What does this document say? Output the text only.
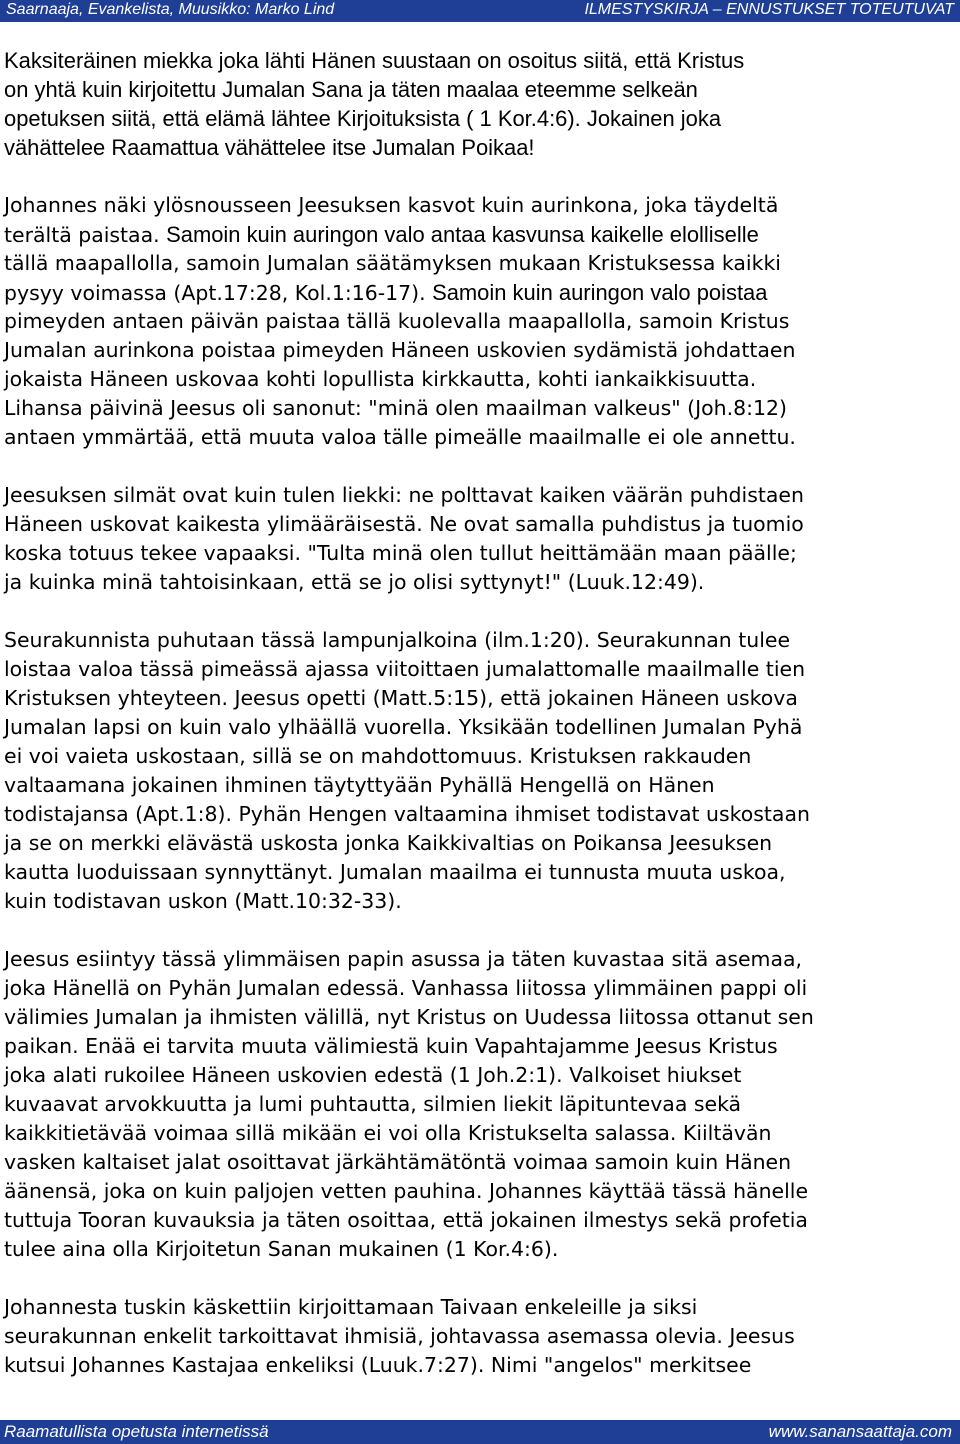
Saarnaaja, Evankelista, Muusikko: Marko Lind	ILMESTYSKIRJA – ENNUSTUKSET TOTEUTUVAT
Kaksiteräinen miekka joka lähti Hänen suustaan on osoitus siitä, että Kristus
on yhtä kuin kirjoitettu Jumalan Sana ja täten maalaa eteemme selkeän
opetuksen siitä, että elämä lähtee Kirjoituksista ( 1 Kor.4:6). Jokainen joka
vähättelee Raamattua vähättelee itse Jumalan Poikaa!
Johannes näki ylösnousseen Jeesuksen kasvot kuin aurinkona, joka täydeltä
terältä paistaa. Samoin kuin auringon valo antaa kasvunsa kaikelle elolliselle
tällä maapallolla, samoin Jumalan säätämyksen mukaan Kristuksessa kaikki
pysyy voimassa (Apt.17:28, Kol.1:16-17). Samoin kuin auringon valo poistaa
pimeyden antaen päivän paistaa tällä kuolevalla maapallolla, samoin Kristus
Jumalan aurinkona poistaa pimeyden Häneen uskovien sydämistä johdattaen
jokaista Häneen uskovaa kohti lopullista kirkkautta, kohti iankaikkisuutta.
Lihansa päivinä Jeesus oli sanonut: "minä olen maailman valkeus" (Joh.8:12)
antaen ymmärtää, että muuta valoa tälle pimeälle maailmalle ei ole annettu.
Jeesuksen silmät ovat kuin tulen liekki: ne polttavat kaiken väärän puhdistaen
Häneen uskovat kaikesta ylimääräisestä. Ne ovat samalla puhdistus ja tuomio
koska totuus tekee vapaaksi. "Tulta minä olen tullut heittämään maan päälle;
ja kuinka minä tahtoisinkaan, että se jo olisi syttynyt!" (Luuk.12:49).
Seurakunnista puhutaan tässä lampunjalkoina (ilm.1:20). Seurakunnan tulee
loistaa valoa tässä pimeässä ajassa viitoittaen jumalattomalle maailmalle tien
Kristuksen yhteyteen. Jeesus opetti (Matt.5:15), että jokainen Häneen uskova
Jumalan lapsi on kuin valo ylhäällä vuorella. Yksikään todellinen Jumalan Pyhä
ei voi vaieta uskostaan, sillä se on mahdottomuus. Kristuksen rakkauden
valtaamana jokainen ihminen täytyttyään Pyhällä Hengellä on Hänen
todistajansa (Apt.1:8). Pyhän Hengen valtaamina ihmiset todistavat uskostaan
ja se on merkki elävästä uskosta jonka Kaikkivaltias on Poikansa Jeesuksen
kautta luoduissaan synnyttänyt. Jumalan maailma ei tunnusta muuta uskoa,
kuin todistavan uskon (Matt.10:32-33).
Jeesus esiintyy tässä ylimmäisen papin asussa ja täten kuvastaa sitä asemaa,
joka Hänellä on Pyhän Jumalan edessä. Vanhassa liitossa ylimmäinen pappi oli
välimies Jumalan ja ihmisten välillä, nyt Kristus on Uudessa liitossa ottanut sen
paikan. Enää ei tarvita muuta välimiestä kuin Vapahtajamme Jeesus Kristus
joka alati rukoilee Häneen uskovien edestä (1 Joh.2:1). Valkoiset hiukset
kuvaavat arvokkuutta ja lumi puhtautta, silmien liekit läpituntevaa sekä
kaikkitietävää voimaa sillä mikään ei voi olla Kristukselta salassa. Kiiltävän
vasken kaltaiset jalat osoittavat järkähtämätöntä voimaa samoin kuin Hänen
äänensä, joka on kuin paljojen vetten pauhina. Johannes käyttää tässä hänelle
tuttuja Tooran kuvauksia ja täten osoittaa, että jokainen ilmestys sekä profetia
tulee aina olla Kirjoitetun Sanan mukainen (1 Kor.4:6).
Johannesta tuskin käskettiin kirjoittamaan Taivaan enkeleille ja siksi
seurakunnan enkelit tarkoittavat ihmisiä, johtavassa asemassa olevia. Jeesus
kutsui Johannes Kastajaa enkeliksi (Luuk.7:27). Nimi "angelos" merkitsee
Raamatullista opetusta internetissä	www.sanansaattaja.com
